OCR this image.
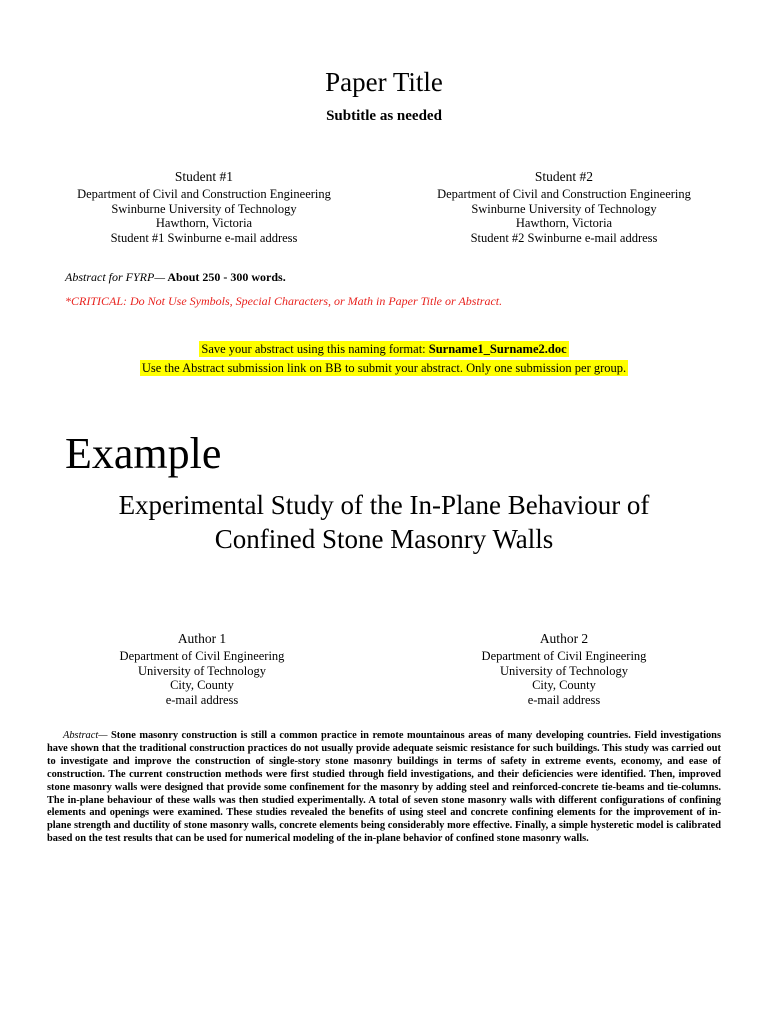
Paper Title
Subtitle as needed
Student #1
Department of Civil and Construction Engineering
Swinburne University of Technology
Hawthorn, Victoria
Student #1 Swinburne e-mail address
Student #2
Department of Civil and Construction Engineering
Swinburne University of Technology
Hawthorn, Victoria
Student #2 Swinburne e-mail address
Abstract for FYRP— About 250 - 300 words.
*CRITICAL: Do Not Use Symbols, Special Characters, or Math in Paper Title or Abstract.
Save your abstract using this naming format: Surname1_Surname2.doc
Use the Abstract submission link on BB to submit your abstract. Only one submission per group.
Example
Experimental Study of the In-Plane Behaviour of
Confined Stone Masonry Walls
Author 1
Department of Civil Engineering
University of Technology
City, County
e-mail address
Author 2
Department of Civil Engineering
University of Technology
City, County
e-mail address
Abstract— Stone masonry construction is still a common practice in remote mountainous areas of many developing countries. Field investigations have shown that the traditional construction practices do not usually provide adequate seismic resistance for such buildings. This study was carried out to investigate and improve the construction of single-story stone masonry buildings in terms of safety in extreme events, economy, and ease of construction. The current construction methods were first studied through field investigations, and their deficiencies were identified. Then, improved stone masonry walls were designed that provide some confinement for the masonry by adding steel and reinforced-concrete tie-beams and tie-columns. The in-plane behaviour of these walls was then studied experimentally. A total of seven stone masonry walls with different configurations of confining elements and openings were examined. These studies revealed the benefits of using steel and concrete confining elements for the improvement of in-plane strength and ductility of stone masonry walls, concrete elements being considerably more effective. Finally, a simple hysteretic model is calibrated based on the test results that can be used for numerical modeling of the in-plane behavior of confined stone masonry walls.
